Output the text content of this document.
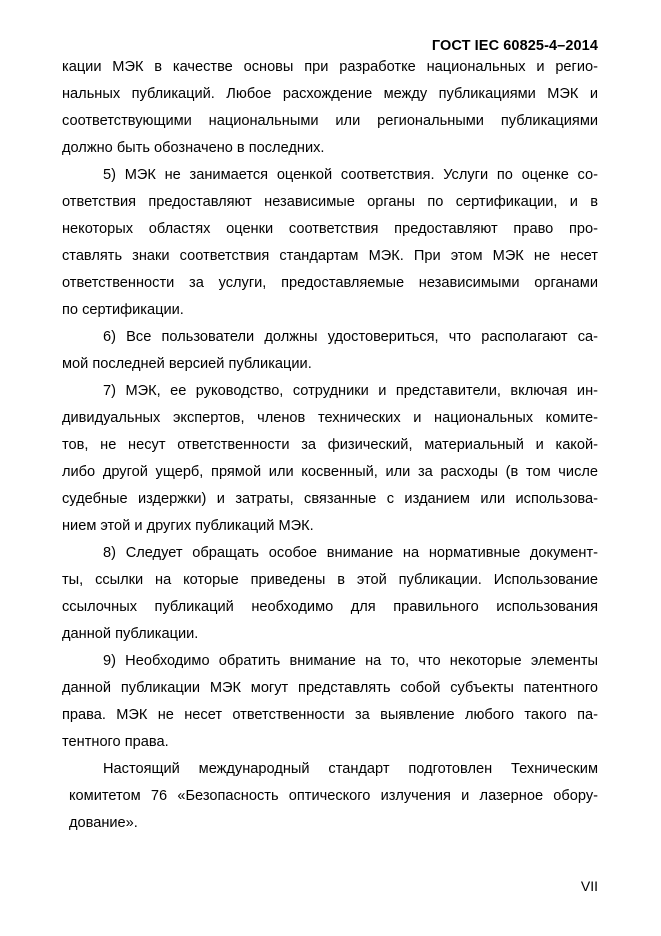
ГОСТ IEC 60825-4–2014
кации МЭК в качестве основы при разработке национальных и регио-
нальных публикаций. Любое расхождение между публикациями МЭК и
соответствующими национальными или региональными публикациями
должно быть обозначено в последних.
5) МЭК не занимается оценкой соответствия. Услуги по оценке со-
ответствия предоставляют независимые органы по сертификации, и в
некоторых областях оценки соответствия предоставляют право про-
ставлять знаки соответствия стандартам МЭК. При этом МЭК не несет
ответственности за услуги, предоставляемые независимыми органами
по сертификации.
6) Все пользователи должны удостовериться, что располагают са-
мой последней версией публикации.
7) МЭК, ее руководство, сотрудники и представители, включая ин-
дивидуальных экспертов, членов технических и национальных комите-
тов, не несут ответственности за физический, материальный и какой-
либо другой ущерб, прямой или косвенный, или за расходы (в том числе
судебные издержки) и затраты, связанные с изданием или использова-
нием этой и других публикаций МЭК.
8) Следует обращать особое внимание на нормативные документ-
ты, ссылки на которые приведены в этой публикации. Использование
ссылочных публикаций необходимо для правильного использования
данной публикации.
9) Необходимо обратить внимание на то, что некоторые элементы
данной публикации МЭК могут представлять собой субъекты патентного
права. МЭК не несет ответственности за выявление любого такого па-
тентного права.
Настоящий международный стандарт подготовлен Техническим
комитетом 76 «Безопасность оптического излучения и лазерное обору-
дование».
VII
